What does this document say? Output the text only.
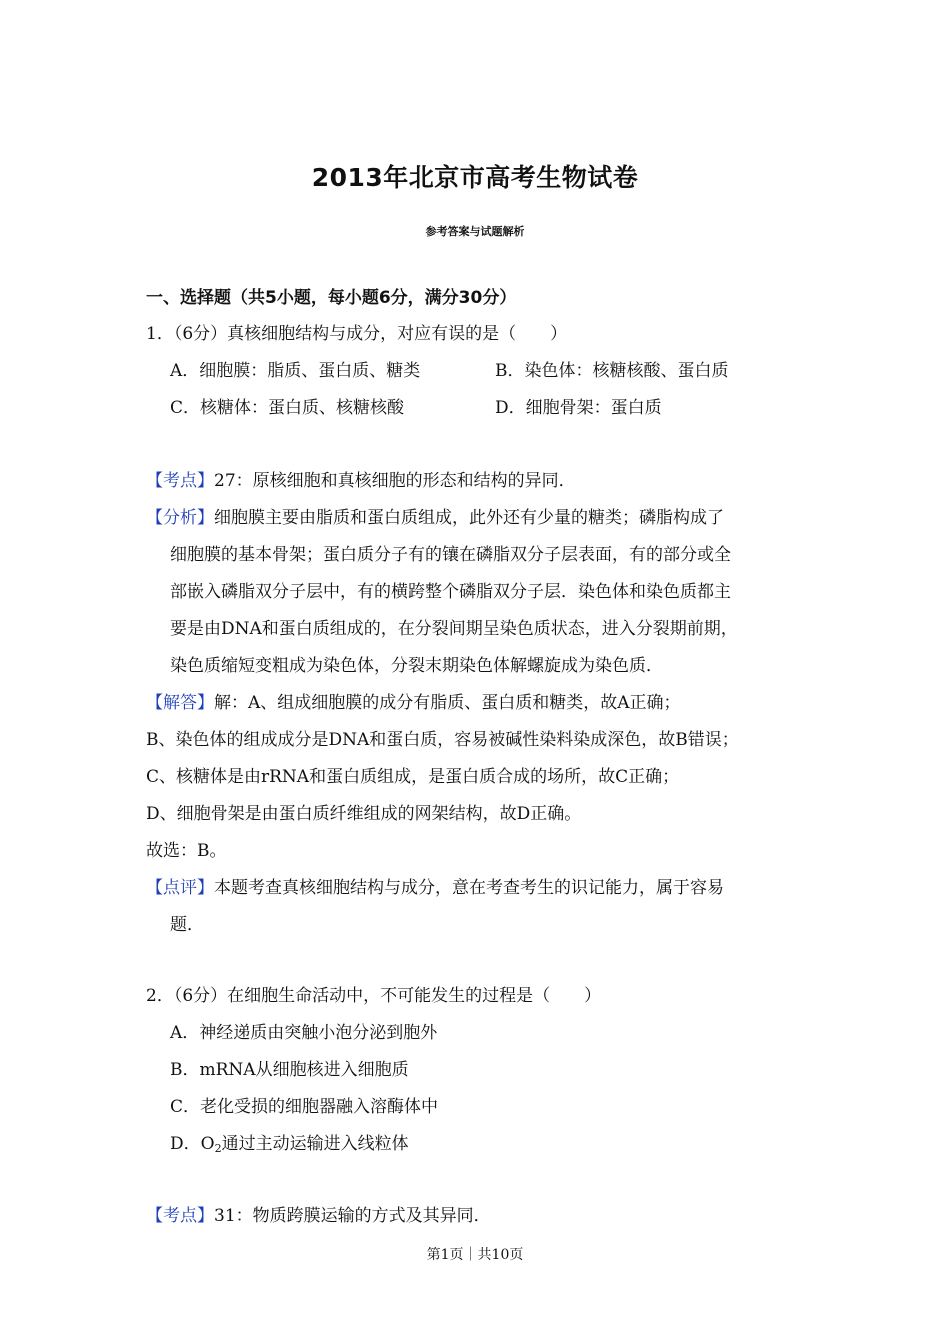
2013年北京市高考生物试卷
参考答案与试题解析
一、选择题（共5小题，每小题6分，满分30分）
1．（6分）真核细胞结构与成分，对应有误的是（　　）
A．细胞膜：脂质、蛋白质、糖类	B．染色体：核糖核酸、蛋白质
C．核糖体：蛋白质、核糖核酸	D．细胞骨架：蛋白质
【考点】27：原核细胞和真核细胞的形态和结构的异同．
【分析】细胞膜主要由脂质和蛋白质组成，此外还有少量的糖类；磷脂构成了
细胞膜的基本骨架；蛋白质分子有的镶在磷脂双分子层表面，有的部分或全
部嵌入磷脂双分子层中，有的横跨整个磷脂双分子层．染色体和染色质都主
要是由DNA和蛋白质组成的，在分裂间期呈染色质状态，进入分裂期前期，
染色质缩短变粗成为染色体，分裂末期染色体解螺旋成为染色质．
【解答】解：A、组成细胞膜的成分有脂质、蛋白质和糖类，故A正确；
B、染色体的组成成分是DNA和蛋白质，容易被碱性染料染成深色，故B错误；
C、核糖体是由rRNA和蛋白质组成，是蛋白质合成的场所，故C正确；
D、细胞骨架是由蛋白质纤维组成的网架结构，故D正确。
故选：B。
【点评】本题考查真核细胞结构与成分，意在考查考生的识记能力，属于容易
题．
2．（6分）在细胞生命活动中，不可能发生的过程是（　　）
A．神经递质由突触小泡分泌到胞外
B．mRNA从细胞核进入细胞质
C．老化受损的细胞器融入溶酶体中
D．$O_2$通过主动运输进入线粒体
【考点】31：物质跨膜运输的方式及其异同．
第1页｜共10页
